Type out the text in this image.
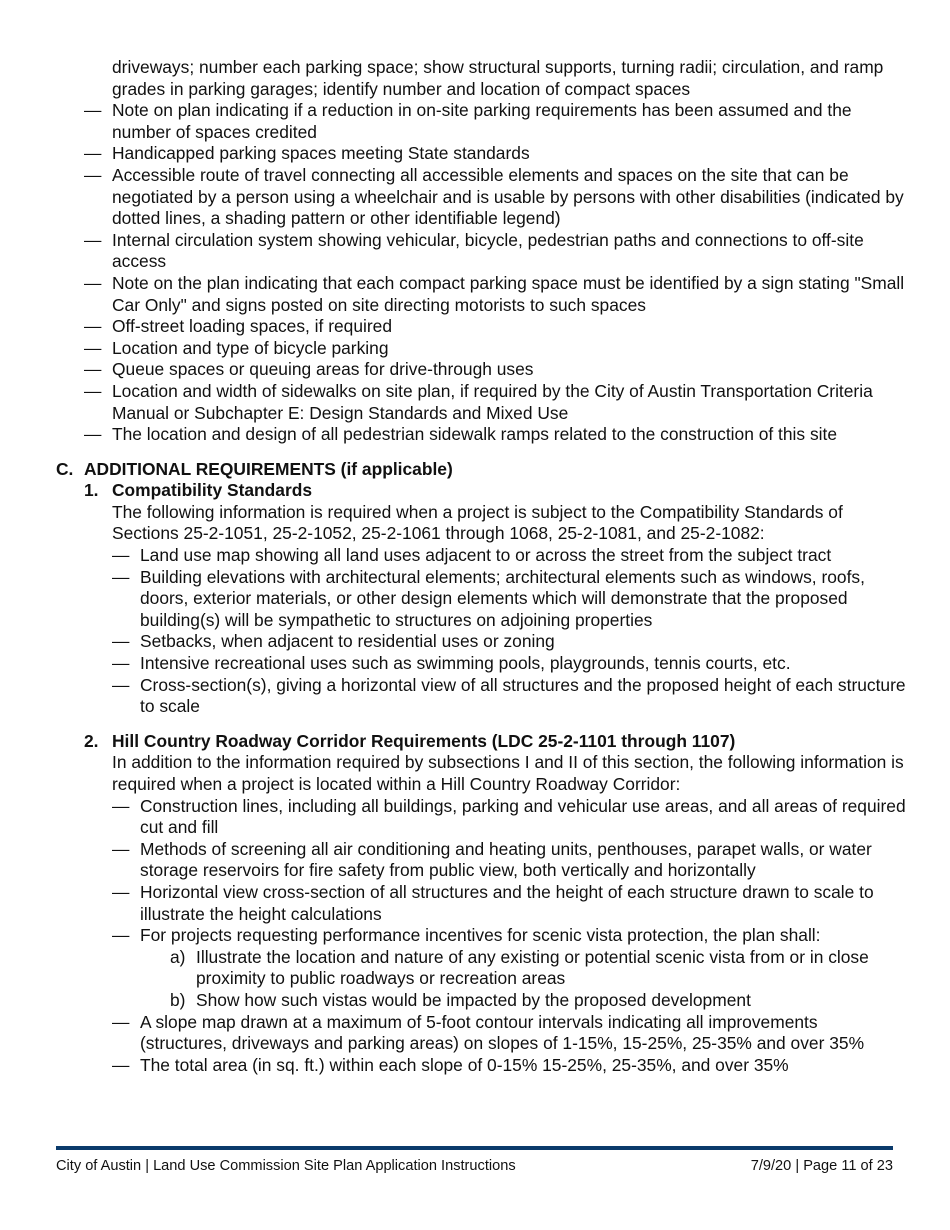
driveways; number each parking space; show structural supports, turning radii; circulation, and ramp grades in parking garages; identify number and location of compact spaces

— Note on plan indicating if a reduction in on-site parking requirements has been assumed and the number of spaces credited
— Handicapped parking spaces meeting State standards
— Accessible route of travel connecting all accessible elements and spaces on the site that can be negotiated by a person using a wheelchair and is usable by persons with other disabilities (indicated by dotted lines, a shading pattern or other identifiable legend)
— Internal circulation system showing vehicular, bicycle, pedestrian paths and connections to off-site access
— Note on the plan indicating that each compact parking space must be identified by a sign stating "Small Car Only" and signs posted on site directing motorists to such spaces
— Off-street loading spaces, if required
— Location and type of bicycle parking
— Queue spaces or queuing areas for drive-through uses
— Location and width of sidewalks on site plan, if required by the City of Austin Transportation Criteria Manual or Subchapter E: Design Standards and Mixed Use
— The location and design of all pedestrian sidewalk ramps related to the construction of this site
C. ADDITIONAL REQUIREMENTS (if applicable)
1. Compatibility Standards

The following information is required when a project is subject to the Compatibility Standards of Sections 25-2-1051, 25-2-1052, 25-2-1061 through 1068, 25-2-1081, and 25-2-1082:

— Land use map showing all land uses adjacent to or across the street from the subject tract
— Building elevations with architectural elements; architectural elements such as windows, roofs, doors, exterior materials, or other design elements which will demonstrate that the proposed building(s) will be sympathetic to structures on adjoining properties
— Setbacks, when adjacent to residential uses or zoning
— Intensive recreational uses such as swimming pools, playgrounds, tennis courts, etc.
— Cross-section(s), giving a horizontal view of all structures and the proposed height of each structure to scale
2. Hill Country Roadway Corridor Requirements (LDC 25-2-1101 through 1107)

In addition to the information required by subsections I and II of this section, the following information is required when a project is located within a Hill Country Roadway Corridor:

— Construction lines, including all buildings, parking and vehicular use areas, and all areas of required cut and fill
— Methods of screening all air conditioning and heating units, penthouses, parapet walls, or water storage reservoirs for fire safety from public view, both vertically and horizontally
— Horizontal view cross-section of all structures and the height of each structure drawn to scale to illustrate the height calculations
— For projects requesting performance incentives for scenic vista protection, the plan shall:
a) Illustrate the location and nature of any existing or potential scenic vista from or in close proximity to public roadways or recreation areas
b) Show how such vistas would be impacted by the proposed development
— A slope map drawn at a maximum of 5-foot contour intervals indicating all improvements (structures, driveways and parking areas) on slopes of 1-15%, 15-25%, 25-35% and over 35%
— The total area (in sq. ft.) within each slope of 0-15% 15-25%, 25-35%, and over 35%
City of Austin | Land Use Commission Site Plan Application Instructions	7/9/20 | Page 11 of 23
